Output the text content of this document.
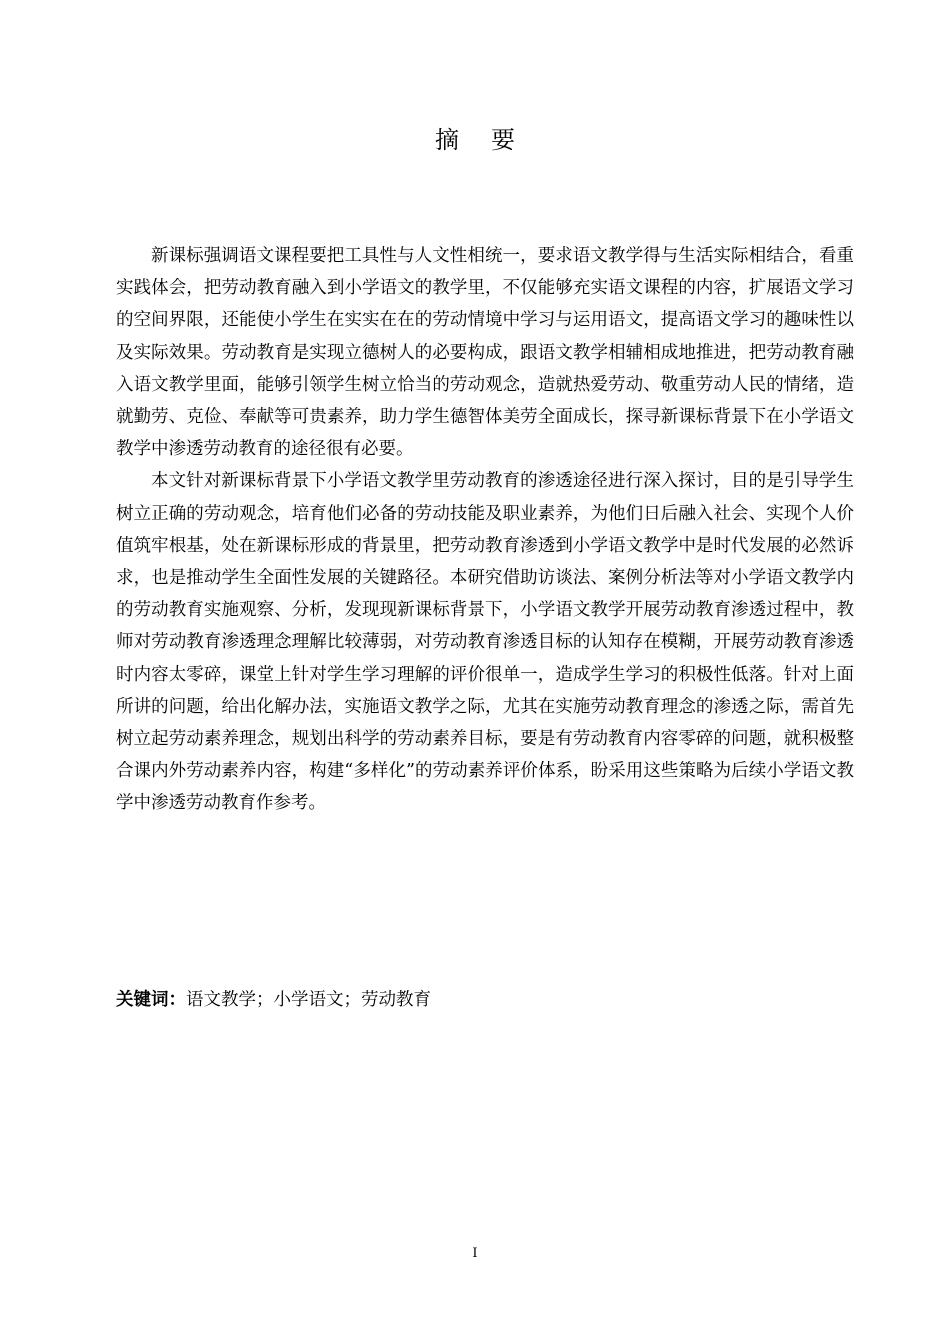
摘 要

新课标强调语文课程要把工具性与人文性相统一，要求语文教学得与生活实际相结合，看重实践体会，把劳动教育融入到小学语文的教学里，不仅能够充实语文课程的内容，扩展语文学习的空间界限，还能使小学生在实实在在的劳动情境中学习与运用语文，提高语文学习的趣味性以及实际效果。劳动教育是实现立德树人的必要构成，跟语文教学相辅相成地推进，把劳动教育融入语文教学里面，能够引领学生树立恰当的劳动观念，造就热爱劳动、敬重劳动人民的情绪，造就勤劳、克俭、奉献等可贵素养，助力学生德智体美劳全面成长，探寻新课标背景下在小学语文教学中渗透劳动教育的途径很有必要。

本文针对新课标背景下小学语文教学里劳动教育的渗透途径进行深入探讨，目的是引导学生树立正确的劳动观念，培育他们必备的劳动技能及职业素养，为他们日后融入社会、实现个人价值筑牢根基，处在新课标形成的背景里，把劳动教育渗透到小学语文教学中是时代发展的必然诉求，也是推动学生全面性发展的关键路径。本研究借助访谈法、案例分析法等对小学语文教学内的劳动教育实施观察、分析，发现现新课标背景下，小学语文教学开展劳动教育渗透过程中，教师对劳动教育渗透理念理解比较薄弱，对劳动教育渗透目标的认知存在模糊，开展劳动教育渗透时内容太零碎，课堂上针对学生学习理解的评价很单一，造成学生学习的积极性低落。针对上面所讲的问题，给出化解办法，实施语文教学之际，尤其在实施劳动教育理念的渗透之际，需首先树立起劳动素养理念，规划出科学的劳动素养目标，要是有劳动教育内容零碎的问题，就积极整合课内外劳动素养内容，构建“多样化”的劳动素养评价体系，盼采用这些策略为后续小学语文教学中渗透劳动教育作参考。

关键词：语文教学；小学语文；劳动教育
I
